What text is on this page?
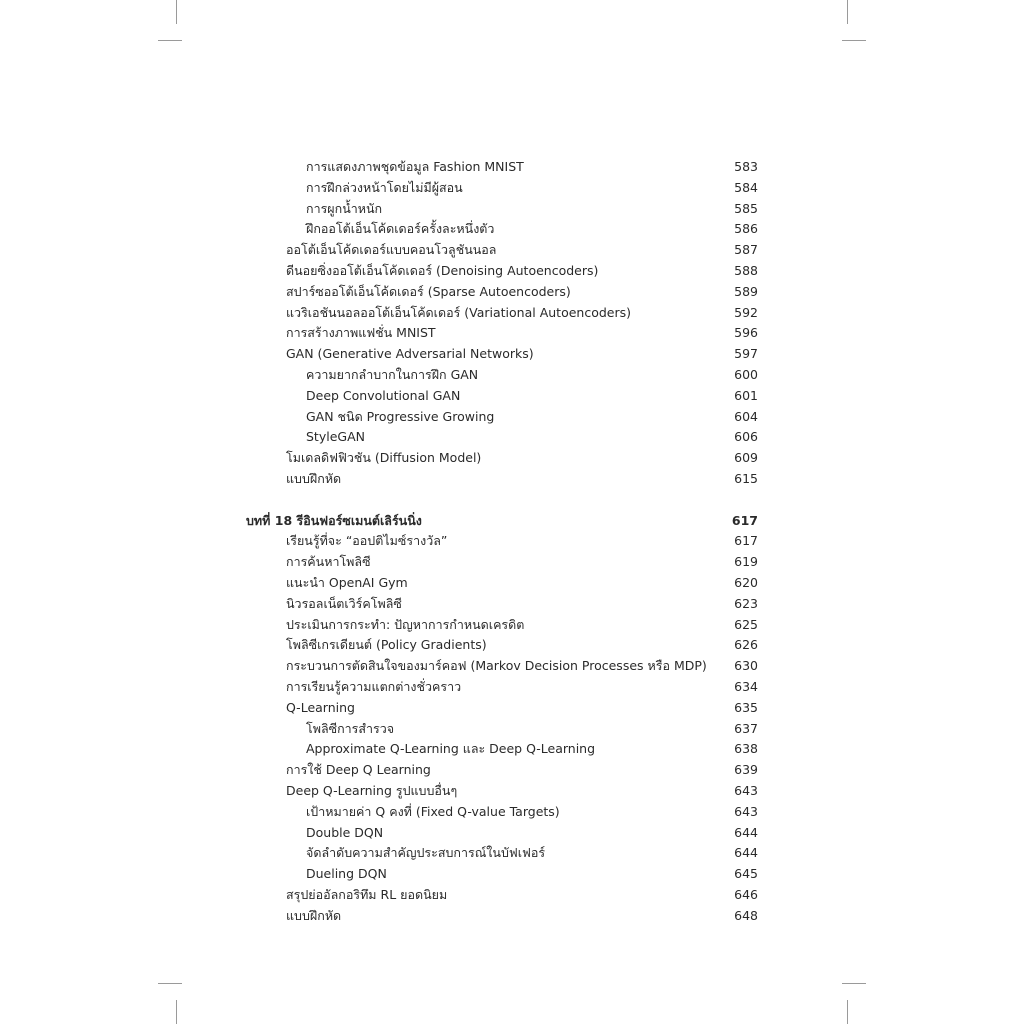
การแสดงภาพชุดข้อมูล Fashion MNIST	583
การฝึกล่วงหน้าโดยไม่มีผู้สอน	584
การผูกน้ำหนัก	585
ฝึกออโต้เอ็นโค้ดเดอร์ครั้งละหนึ่งตัว	586
ออโต้เอ็นโค้ดเดอร์แบบคอนโวลูชันนอล	587
ดีนอยซิ่งออโต้เอ็นโค้ดเดอร์ (Denoising Autoencoders)	588
สปาร์ซออโต้เอ็นโค้ดเดอร์ (Sparse Autoencoders)	589
แวริเอชันนอลออโต้เอ็นโค้ดเดอร์ (Variational Autoencoders)	592
การสร้างภาพแฟชั่น MNIST	596
GAN (Generative Adversarial Networks)	597
ความยากลำบากในการฝึก GAN	600
Deep Convolutional GAN	601
GAN ชนิด Progressive Growing	604
StyleGAN	606
โมเดลดิฟฟิวชัน (Diffusion Model)	609
แบบฝึกหัด	615
บทที่ 18 รีอินฟอร์ซเมนต์เลิร์นนิ่ง	617
เรียนรู้ที่จะ “ออปติไมซ์รางวัล”	617
การค้นหาโพลิซี	619
แนะนำ OpenAI Gym	620
นิวรอลเน็ตเวิร์คโพลิซี	623
ประเมินการกระทำ: ปัญหาการกำหนดเครดิต	625
โพลิซีเกรเดียนต์ (Policy Gradients)	626
กระบวนการตัดสินใจของมาร์คอฟ (Markov Decision Processes หรือ MDP) 630
การเรียนรู้ความแตกต่างชั่วคราว	634
Q-Learning	635
โพลิซีการสำรวจ	637
Approximate Q-Learning และ Deep Q-Learning	638
การใช้ Deep Q Learning	639
Deep Q-Learning รูปแบบอื่นๆ	643
เป้าหมายค่า Q คงที่ (Fixed Q-value Targets)	643
Double DQN	644
จัดลำดับความสำคัญประสบการณ์ในบัฟเฟอร์	644
Dueling DQN	645
สรุปย่ออัลกอริทึม RL ยอดนิยม	646
แบบฝึกหัด	648
